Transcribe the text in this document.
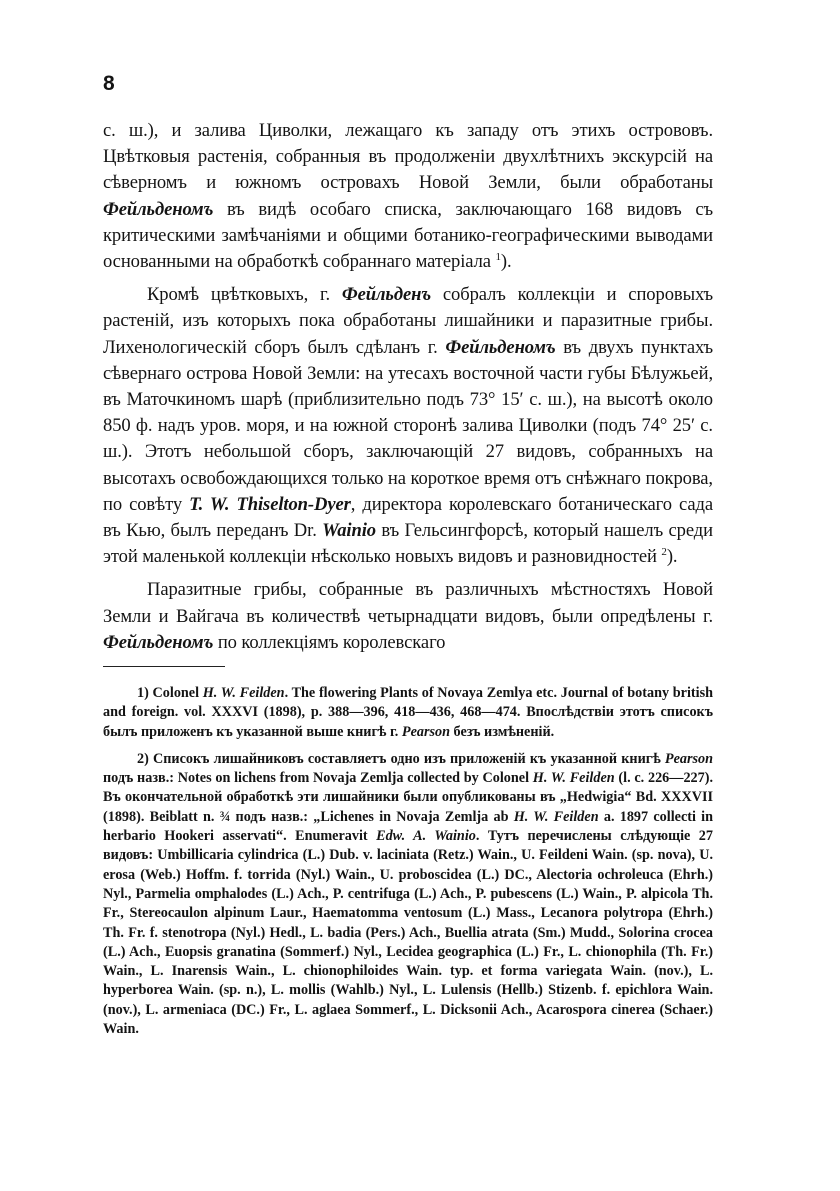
8

с. ш.), и залива Циволки, лежащаго къ западу отъ этихъ острововъ. Цвѣтковыя растенія, собранныя въ продолженіи двухлѣтнихъ экскурсій на сѣверномъ и южномъ островахъ Новой Земли, были обработаны Фейльденомъ въ видѣ особаго списка, заключающаго 168 видовъ съ критическими замѣчаніями и общими ботанико-географическими выводами основанными на обработкѣ собраннаго матеріала $^1$).

Кромѣ цвѣтковыхъ, г. Фейльденъ собралъ коллекціи и споровыхъ растеній, изъ которыхъ пока обработаны лишайники и паразитные грибы. Лихенологическій сборъ былъ сдѣланъ г. Фейльденомъ въ двухъ пунктахъ сѣвернаго острова Новой Земли: на утесахъ восточной части губы Бѣлужьей, въ Маточкиномъ шарѣ (приблизительно подъ 73° 15′ с. ш.), на высотѣ около 850 ф. надъ уров. моря, и на южной сторонѣ залива Циволки (подъ 74° 25′ с. ш.). Этотъ небольшой сборъ, заключающій 27 видовъ, собранныхъ на высотахъ освобождающихся только на короткое время отъ снѣжнаго покрова, по совѣту T. W. Thiselton-Dyer, директора королевскаго ботаническаго сада въ Кью, былъ переданъ Dr. Wainio въ Гельсингфорсѣ, который нашелъ среди этой маленькой коллекціи нѣсколько новыхъ видовъ и разновидностей $^2$).

Паразитные грибы, собранные въ различныхъ мѣстностяхъ Новой Земли и Вайгача въ количествѣ четырнадцати видовъ, были опредѣлены г. Фейльденомъ по коллекціямъ королевскаго

1) Colonel H. W. Feilden. The flowering Plants of Novaya Zemlya etc. Journal of botany british and foreign. vol. XXXVI (1898), p. 388—396, 418—436, 468—474. Впослѣдствіи этотъ списокъ былъ приложенъ къ указанной выше книгѣ г. Pearson безъ измѣненій.

2) Списокъ лишайниковъ составляетъ одно изъ приложеній къ указанной книгѣ Pearson подъ назв.: Notes on lichens from Novaja Zemlja collected by Colonel H. W. Feilden (l. c. 226—227). Въ окончательной обработкѣ эти лишайники были опубликованы въ „Hedwigia“ Bd. XXXVII (1898). Beiblatt n. ¾ подъ назв.: „Lichenes in Novaja Zemlja ab H. W. Feilden a. 1897 collecti in herbario Hookeri asservati“. Enumeravit Edw. A. Wainio. Тутъ перечислены слѣдующіе 27 видовъ: Umbillicaria cylindrica (L.) Dub. v. laciniata (Retz.) Wain., U. Feildeni Wain. (sp. nova), U. erosa (Web.) Hoffm. f. torrida (Nyl.) Wain., U. proboscidea (L.) DC., Alectoria ochroleuca (Ehrh.) Nyl., Parmelia omphalodes (L.) Ach., P. centrifuga (L.) Ach., P. pubescens (L.) Wain., P. alpicola Th. Fr., Stereocaulon alpinum Laur., Haematomma ventosum (L.) Mass., Lecanora polytropa (Ehrh.) Th. Fr. f. stenotropa (Nyl.) Hedl., L. badia (Pers.) Ach., Buellia atrata (Sm.) Mudd., Solorina crocea (L.) Ach., Euopsis granatina (Sommerf.) Nyl., Lecidea geographica (L.) Fr., L. chionophila (Th. Fr.) Wain., L. Inarensis Wain., L. chionophiloides Wain. typ. et forma variegata Wain. (nov.), L. hyperborea Wain. (sp. n.), L. mollis (Wahlb.) Nyl., L. Lulensis (Hellb.) Stizenb. f. epichlora Wain. (nov.), L. armeniaca (DC.) Fr., L. aglaea Sommerf., L. Dicksonii Ach., Acarospora cinerea (Schaer.) Wain.
